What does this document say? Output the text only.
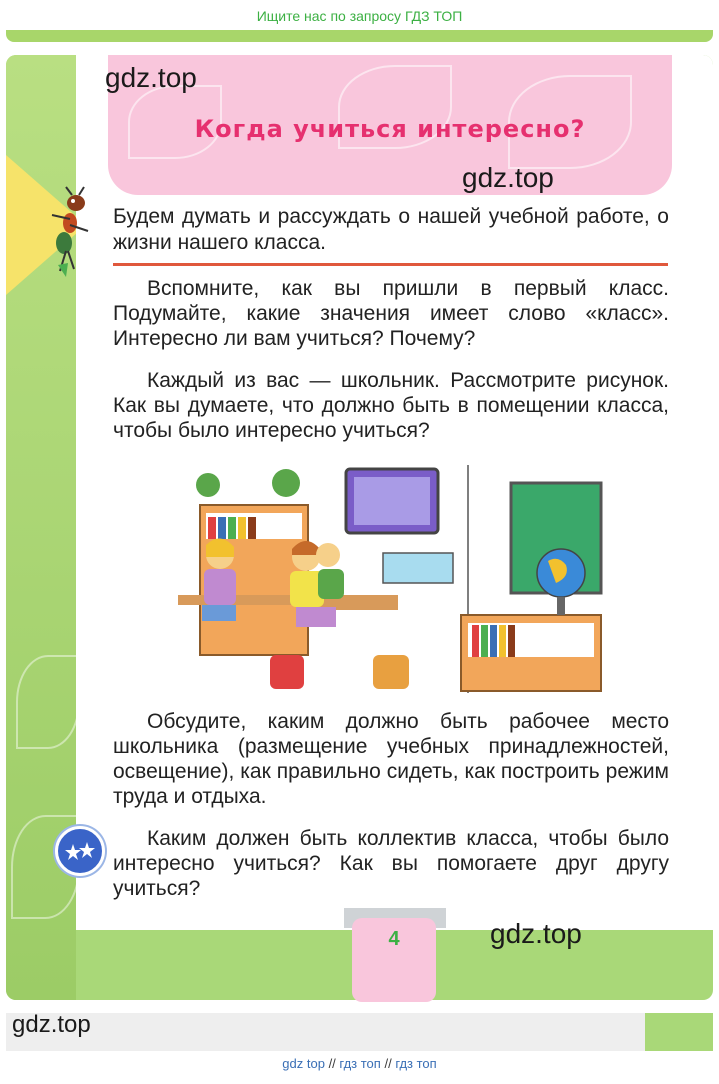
Ищите нас по запросу ГДЗ ТОП
Когда учиться интересно?
gdz.top
gdz.top
Будем думать и рассуждать о нашей учебной работе, о жизни нашего класса.
Вспомните, как вы пришли в первый класс. Подумайте, какие значения имеет слово «класс». Интересно ли вам учиться? Почему?
Каждый из вас — школьник. Рассмотрите рисунок. Как вы думаете, что должно быть в помещении класса, чтобы было интересно учиться?
Обсудите, каким должно быть рабочее место школьника (размещение учебных принадлежностей, освещение), как правильно сидеть, как построить режим труда и отдыха.
Каким должен быть коллектив класса, чтобы было интересно учиться? Как вы помогаете друг другу учиться?
4	gdz.top
gdz.top
gdz top // гдз топ // гдз топ
